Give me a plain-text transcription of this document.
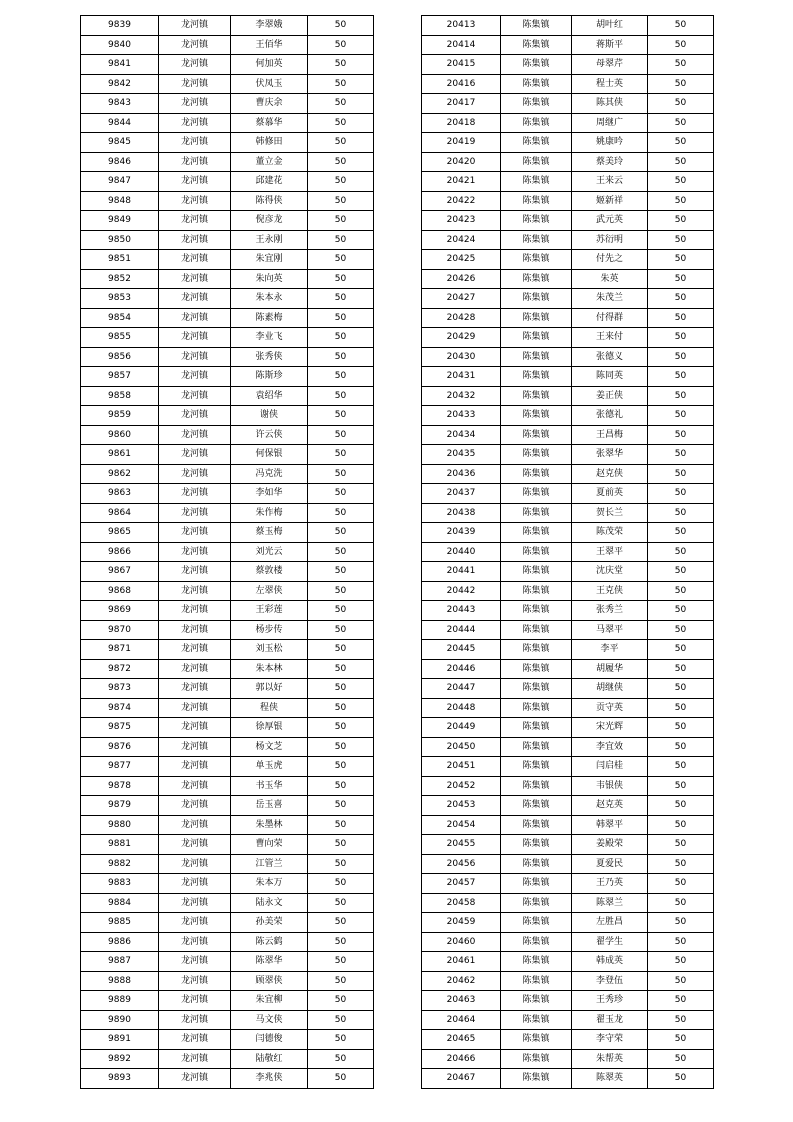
9839	龙河镇	李翠娥	50
9840	龙河镇	王佰华	50
9841	龙河镇	何加英	50
9842	龙河镇	伏凤玉	50
9843	龙河镇	曹庆余	50
9844	龙河镇	蔡慕华	50
9845	龙河镇	韩修田	50
9846	龙河镇	董立金	50
9847	龙河镇	邱建花	50
9848	龙河镇	陈得侠	50
9849	龙河镇	倪彦龙	50
9850	龙河镇	王永刚	50
9851	龙河镇	朱宜刚	50
9852	龙河镇	朱向英	50
9853	龙河镇	朱本永	50
9854	龙河镇	陈素梅	50
9855	龙河镇	李业飞	50
9856	龙河镇	张秀侠	50
9857	龙河镇	陈斯珍	50
9858	龙河镇	袁绍华	50
9859	龙河镇	谢侠	50
9860	龙河镇	许云侠	50
9861	龙河镇	何保银	50
9862	龙河镇	冯克洗	50
9863	龙河镇	李如华	50
9864	龙河镇	朱作梅	50
9865	龙河镇	蔡玉梅	50
9866	龙河镇	刘光云	50
9867	龙河镇	蔡敦楼	50
9868	龙河镇	左翠侠	50
9869	龙河镇	王彩莲	50
9870	龙河镇	杨步传	50
9871	龙河镇	刘玉松	50
9872	龙河镇	朱本林	50
9873	龙河镇	郭以好	50
9874	龙河镇	程侠	50
9875	龙河镇	徐厚银	50
9876	龙河镇	杨文芝	50
9877	龙河镇	单玉虎	50
9878	龙河镇	书玉华	50
9879	龙河镇	岳玉喜	50
9880	龙河镇	朱墨林	50
9881	龙河镇	曹向荣	50
9882	龙河镇	江管兰	50
9883	龙河镇	朱本万	50
9884	龙河镇	陆永文	50
9885	龙河镇	孙美荣	50
9886	龙河镇	陈云鹤	50
9887	龙河镇	陈翠华	50
9888	龙河镇	顾翠侠	50
9889	龙河镇	朱宜柳	50
9890	龙河镇	马文侠	50
9891	龙河镇	闫德俊	50
9892	龙河镇	陆敬红	50
9893	龙河镇	李兆侠	50
20413	陈集镇	胡叶红	50
20414	陈集镇	蒋斯平	50
20415	陈集镇	母翠芹	50
20416	陈集镇	程士英	50
20417	陈集镇	陈其侠	50
20418	陈集镇	周继广	50
20419	陈集镇	姚康吟	50
20420	陈集镇	蔡美玲	50
20421	陈集镇	王来云	50
20422	陈集镇	姬新祥	50
20423	陈集镇	武元英	50
20424	陈集镇	苏衍明	50
20425	陈集镇	付先之	50
20426	陈集镇	朱英	50
20427	陈集镇	朱茂兰	50
20428	陈集镇	付得群	50
20429	陈集镇	王来付	50
20430	陈集镇	张德义	50
20431	陈集镇	陈同英	50
20432	陈集镇	姜正侠	50
20433	陈集镇	张德礼	50
20434	陈集镇	王昌梅	50
20435	陈集镇	张翠华	50
20436	陈集镇	赵克侠	50
20437	陈集镇	夏前英	50
20438	陈集镇	贺长兰	50
20439	陈集镇	陈茂荣	50
20440	陈集镇	王翠平	50
20441	陈集镇	沈庆堂	50
20442	陈集镇	王克侠	50
20443	陈集镇	张秀兰	50
20444	陈集镇	马翠平	50
20445	陈集镇	李平	50
20446	陈集镇	胡履华	50
20447	陈集镇	胡继侠	50
20448	陈集镇	贡守英	50
20449	陈集镇	宋光辉	50
20450	陈集镇	李宜效	50
20451	陈集镇	闫启桂	50
20452	陈集镇	韦银侠	50
20453	陈集镇	赵克英	50
20454	陈集镇	韩翠平	50
20455	陈集镇	姜殿荣	50
20456	陈集镇	夏爱民	50
20457	陈集镇	王乃英	50
20458	陈集镇	陈翠兰	50
20459	陈集镇	左胜昌	50
20460	陈集镇	翟学生	50
20461	陈集镇	韩成英	50
20462	陈集镇	李登伍	50
20463	陈集镇	王秀珍	50
20464	陈集镇	翟玉龙	50
20465	陈集镇	李守荣	50
20466	陈集镇	朱帮英	50
20467	陈集镇	陈翠英	50
